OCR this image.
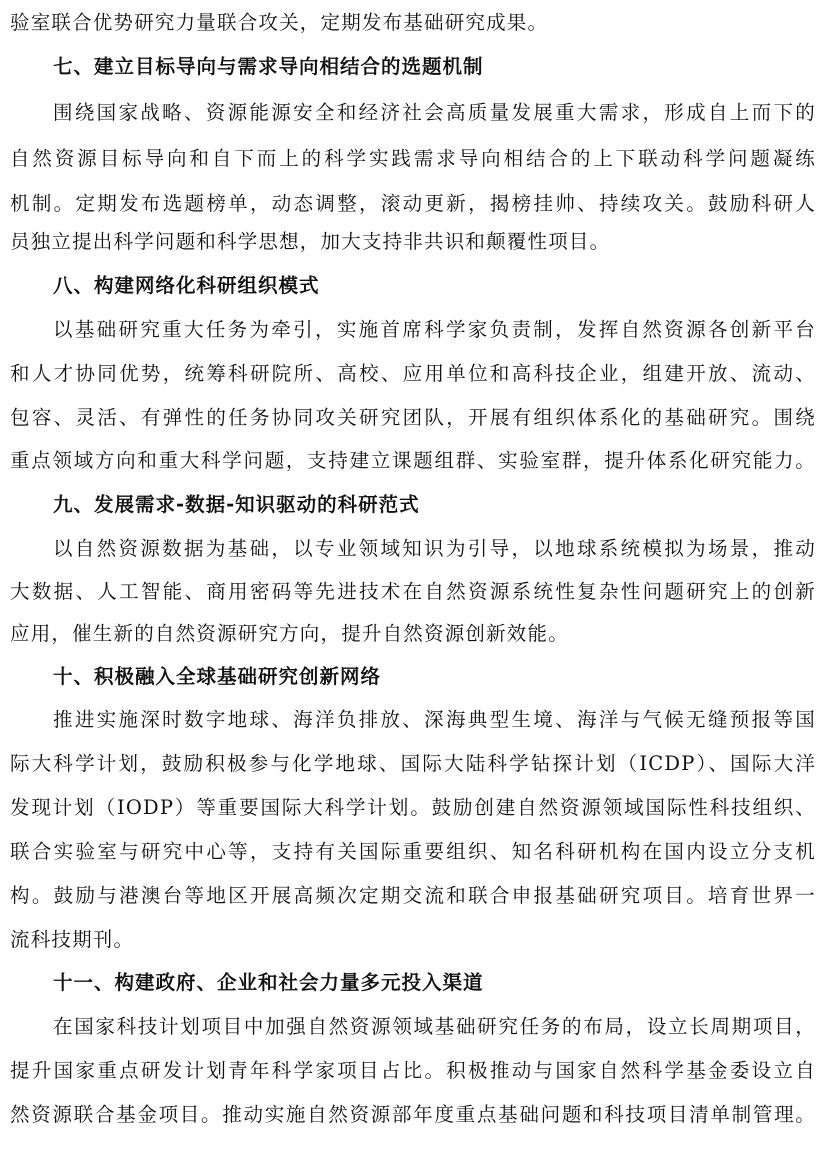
验室联合优势研究力量联合攻关，定期发布基础研究成果。
七、建立目标导向与需求导向相结合的选题机制
围绕国家战略、资源能源安全和经济社会高质量发展重大需求，形成自上而下的
自然资源目标导向和自下而上的科学实践需求导向相结合的上下联动科学问题凝练
机制。定期发布选题榜单，动态调整，滚动更新，揭榜挂帅、持续攻关。鼓励科研人
员独立提出科学问题和科学思想，加大支持非共识和颠覆性项目。
八、构建网络化科研组织模式
以基础研究重大任务为牵引，实施首席科学家负责制，发挥自然资源各创新平台
和人才协同优势，统筹科研院所、高校、应用单位和高科技企业，组建开放、流动、
包容、灵活、有弹性的任务协同攻关研究团队，开展有组织体系化的基础研究。围绕
重点领域方向和重大科学问题，支持建立课题组群、实验室群，提升体系化研究能力。
九、发展需求-数据-知识驱动的科研范式
以自然资源数据为基础，以专业领域知识为引导，以地球系统模拟为场景，推动
大数据、人工智能、商用密码等先进技术在自然资源系统性复杂性问题研究上的创新
应用，催生新的自然资源研究方向，提升自然资源创新效能。
十、积极融入全球基础研究创新网络
推进实施深时数字地球、海洋负排放、深海典型生境、海洋与气候无缝预报等国
际大科学计划，鼓励积极参与化学地球、国际大陆科学钻探计划（ICDP）、国际大洋
发现计划（IODP）等重要国际大科学计划。鼓励创建自然资源领域国际性科技组织、
联合实验室与研究中心等，支持有关国际重要组织、知名科研机构在国内设立分支机
构。鼓励与港澳台等地区开展高频次定期交流和联合申报基础研究项目。培育世界一
流科技期刊。
十一、构建政府、企业和社会力量多元投入渠道
在国家科技计划项目中加强自然资源领域基础研究任务的布局，设立长周期项目，
提升国家重点研发计划青年科学家项目占比。积极推动与国家自然科学基金委设立自
然资源联合基金项目。推动实施自然资源部年度重点基础问题和科技项目清单制管理。
